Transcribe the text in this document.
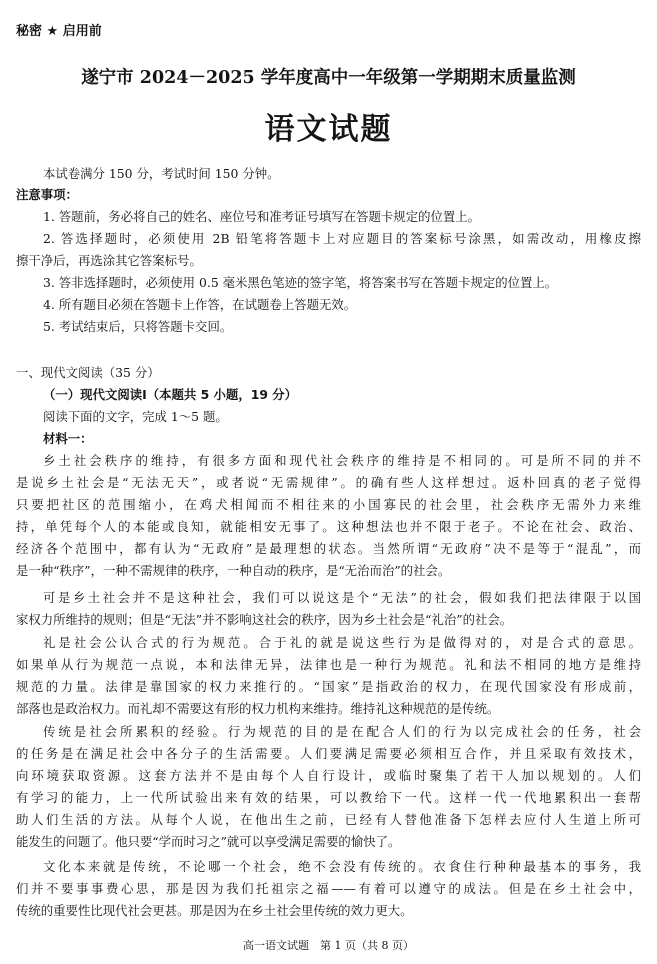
秘密 ★ 启用前
遂宁市 2024－2025 学年度高中一年级第一学期期末质量监测
语文试题
本试卷满分 150 分，考试时间 150 分钟。
注意事项：
1. 答题前，务必将自己的姓名、座位号和准考证号填写在答题卡规定的位置上。
2. 答选择题时，必须使用 2B 铅笔将答题卡上对应题目的答案标号涂黑，如需改动，用橡皮擦
擦干净后，再选涂其它答案标号。
3. 答非选择题时，必须使用 0.5 毫米黑色笔迹的签字笔，将答案书写在答题卡规定的位置上。
4. 所有题目必须在答题卡上作答，在试题卷上答题无效。
5. 考试结束后，只将答题卡交回。
一、现代文阅读（35 分）
（一）现代文阅读Ⅰ（本题共 5 小题，19 分）
阅读下面的文字，完成 1～5 题。
材料一：
乡土社会秩序的维持，有很多方面和现代社会秩序的维持是不相同的。可是所不同的并不
是说乡土社会是“无法无天”，或者说“无需规律”。的确有些人这样想过。返朴回真的老子觉得
只要把社区的范围缩小，在鸡犬相闻而不相往来的小国寡民的社会里，社会秩序无需外力来维
持，单凭每个人的本能或良知，就能相安无事了。这种想法也并不限于老子。不论在社会、政治、
经济各个范围中，都有认为“无政府”是最理想的状态。当然所谓“无政府”决不是等于“混乱”，而
是一种“秩序”，一种不需规律的秩序，一种自动的秩序，是“无治而治”的社会。
可是乡土社会并不是这种社会，我们可以说这是个“无法”的社会，假如我们把法律限于以国
家权力所维持的规则；但是“无法”并不影响这社会的秩序，因为乡土社会是“礼治”的社会。
礼是社会公认合式的行为规范。合于礼的就是说这些行为是做得对的，对是合式的意思。
如果单从行为规范一点说，本和法律无异，法律也是一种行为规范。礼和法不相同的地方是维持
规范的力量。法律是靠国家的权力来推行的。“国家”是指政治的权力，在现代国家没有形成前，
部落也是政治权力。而礼却不需要这有形的权力机构来维持。维持礼这种规范的是传统。
传统是社会所累积的经验。行为规范的目的是在配合人们的行为以完成社会的任务，社会
的任务是在满足社会中各分子的生活需要。人们要满足需要必须相互合作，并且采取有效技术，
向环境获取资源。这套方法并不是由每个人自行设计，或临时聚集了若干人加以规划的。人们
有学习的能力，上一代所试验出来有效的结果，可以教给下一代。这样一代一代地累积出一套帮
助人们生活的方法。从每个人说，在他出生之前，已经有人替他准备下怎样去应付人生道上所可
能发生的问题了。他只要“学而时习之”就可以享受满足需要的愉快了。
文化本来就是传统，不论哪一个社会，绝不会没有传统的。衣食住行种种最基本的事务，我
们并不要事事费心思，那是因为我们托祖宗之福——有着可以遵守的成法。但是在乡土社会中，
传统的重要性比现代社会更甚。那是因为在乡土社会里传统的效力更大。
高一语文试题　第 1 页（共 8 页）
